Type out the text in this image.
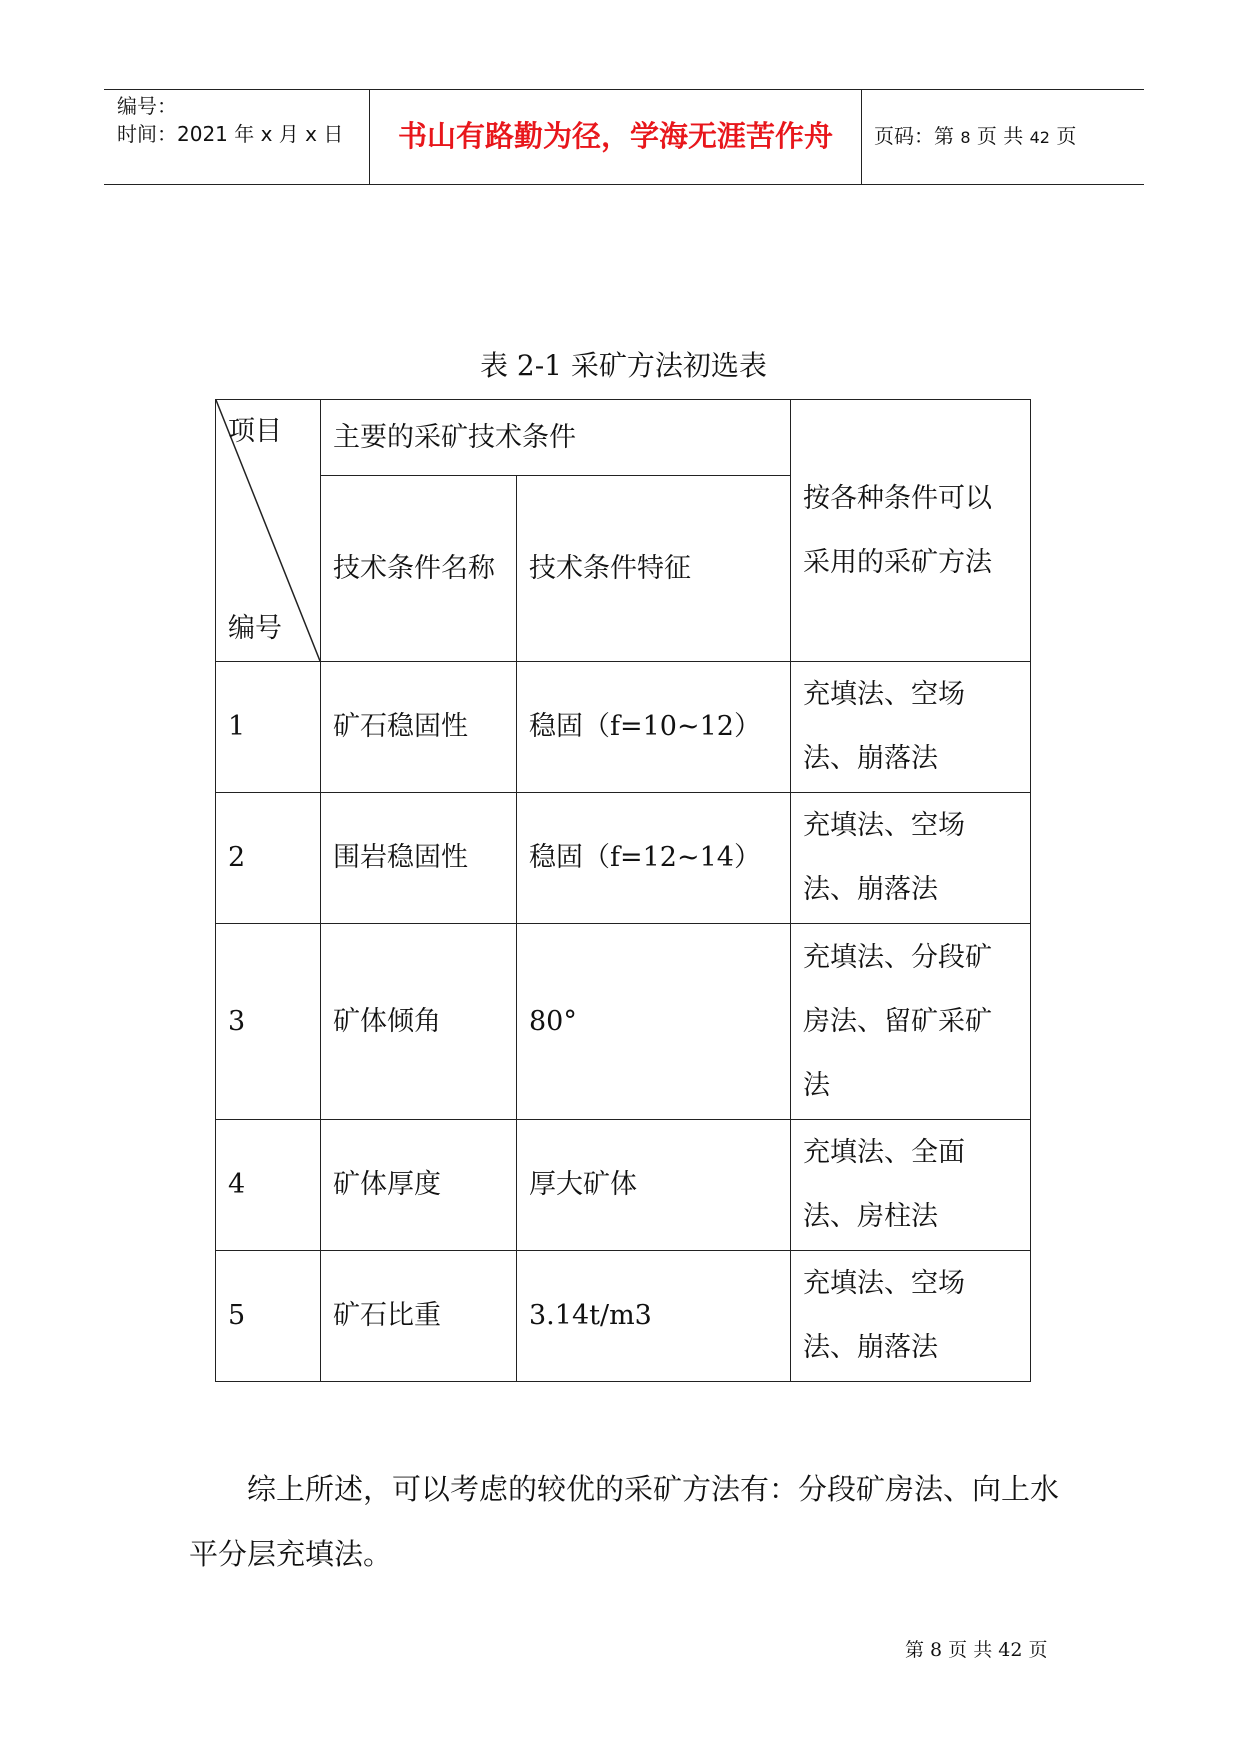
编号：
时间：2021 年 x 月 x 日	书山有路勤为径，学海无涯苦作舟	页码：第 8 页 共 42 页
表 2-1 采矿方法初选表
项目
编号	主要的采矿技术条件		按各种条件可以采用的采矿方法
	技术条件名称	技术条件特征	
1	矿石稳固性	稳固（f=10~12）	充填法、空场法、崩落法
2	围岩稳固性	稳固（f=12~14）	充填法、空场法、崩落法
3	矿体倾角	80°	充填法、分段矿房法、留矿采矿法
4	矿体厚度	厚大矿体	充填法、全面法、房柱法
5	矿石比重	3.14t/m3	充填法、空场法、崩落法
综上所述，可以考虑的较优的采矿方法有：分段矿房法、向上水平分层充填法。
第 8 页 共 42 页
